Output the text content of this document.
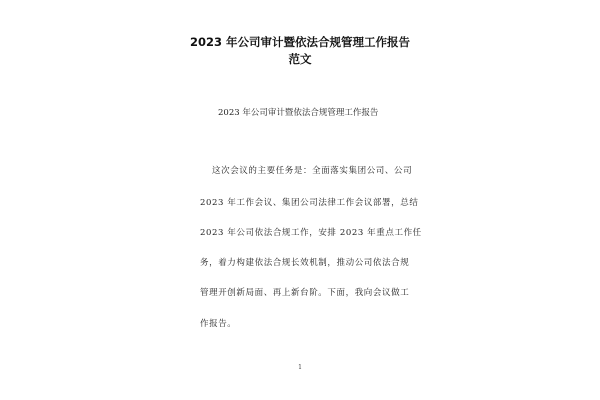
2023 年公司审计暨依法合规管理工作报告
范文
2023 年公司审计暨依法合规管理工作报告
这次会议的主要任务是：全面落实集团公司、公司
2023 年工作会议、集团公司法律工作会议部署，总结
2023 年公司依法合规工作，安排 2023 年重点工作任
务，着力构建依法合规长效机制，推动公司依法合规
管理开创新局面、再上新台阶。下面，我向会议做工
作报告。
1
